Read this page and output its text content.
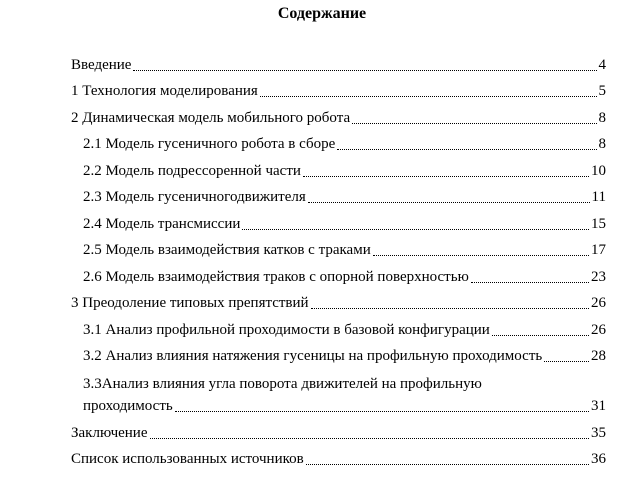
Содержание
Введение	4
1 Технология моделирования	5
2 Динамическая модель мобильного робота	8
2.1 Модель гусеничного робота в сборе	8
2.2 Модель подрессоренной части	10
2.3 Модель гусеничногодвижителя	11
2.4 Модель трансмиссии	15
2.5 Модель взаимодействия катков с траками	17
2.6 Модель взаимодействия траков с опорной поверхностью	23
3 Преодоление типовых препятствий	26
3.1 Анализ профильной проходимости в базовой конфигурации	26
3.2 Анализ влияния натяжения гусеницы на профильную проходимость	28
3.3Анализ влияния угла поворота движителей на профильную
проходимость	31
Заключение	35
Список использованных источников	36
